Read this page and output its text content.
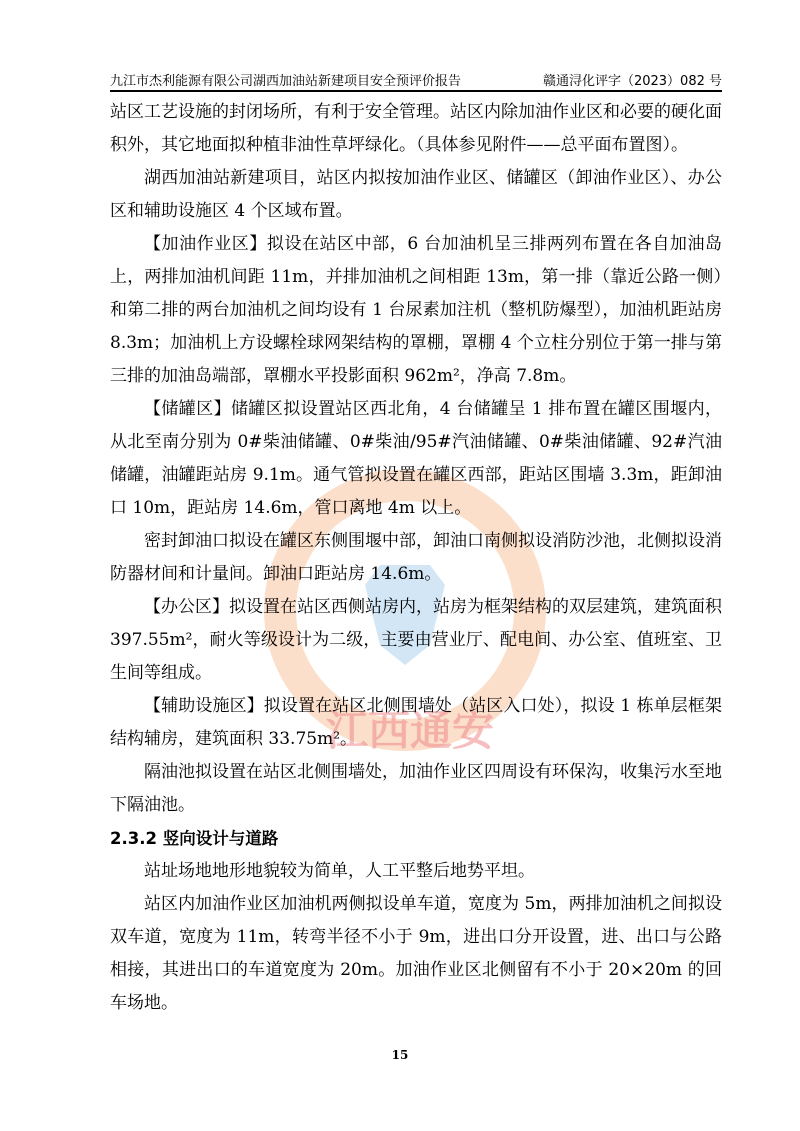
九江市杰利能源有限公司湖西加油站新建项目安全预评价报告	赣通浔化评字（2023）082 号
江西通安

站区工艺设施的封闭场所，有利于安全管理。站区内除加油作业区和必要的硬化面积外，其它地面拟种植非油性草坪绿化。（具体参见附件——总平面布置图）。

湖西加油站新建项目，站区内拟按加油作业区、储罐区（卸油作业区）、办公区和辅助设施区 4 个区域布置。

【加油作业区】拟设在站区中部，6 台加油机呈三排两列布置在各自加油岛上，两排加油机间距 11m，并排加油机之间相距 13m，第一排（靠近公路一侧）和第二排的两台加油机之间均设有 1 台尿素加注机（整机防爆型），加油机距站房 8.3m；加油机上方设螺栓球网架结构的罩棚，罩棚 4 个立柱分别位于第一排与第三排的加油岛端部，罩棚水平投影面积 962m²，净高 7.8m。

【储罐区】储罐区拟设置站区西北角，4 台储罐呈 1 排布置在罐区围堰内，从北至南分别为 0#柴油储罐、0#柴油/95#汽油储罐、0#柴油储罐、92#汽油储罐，油罐距站房 9.1m。通气管拟设置在罐区西部，距站区围墙 3.3m，距卸油口 10m，距站房 14.6m，管口离地 4m 以上。

密封卸油口拟设在罐区东侧围堰中部，卸油口南侧拟设消防沙池，北侧拟设消防器材间和计量间。卸油口距站房 14.6m。

【办公区】拟设置在站区西侧站房内，站房为框架结构的双层建筑，建筑面积 397.55m²，耐火等级设计为二级，主要由营业厅、配电间、办公室、值班室、卫生间等组成。

【辅助设施区】拟设置在站区北侧围墙处（站区入口处），拟设 1 栋单层框架结构辅房，建筑面积 33.75m²。

隔油池拟设置在站区北侧围墙处，加油作业区四周设有环保沟，收集污水至地下隔油池。

2.3.2 竖向设计与道路

站址场地地形地貌较为简单，人工平整后地势平坦。

站区内加油作业区加油机两侧拟设单车道，宽度为 5m，两排加油机之间拟设双车道，宽度为 11m，转弯半径不小于 9m，进出口分开设置，进、出口与公路相接，其进出口的车道宽度为 20m。加油作业区北侧留有不小于 20×20m 的回车场地。

15
